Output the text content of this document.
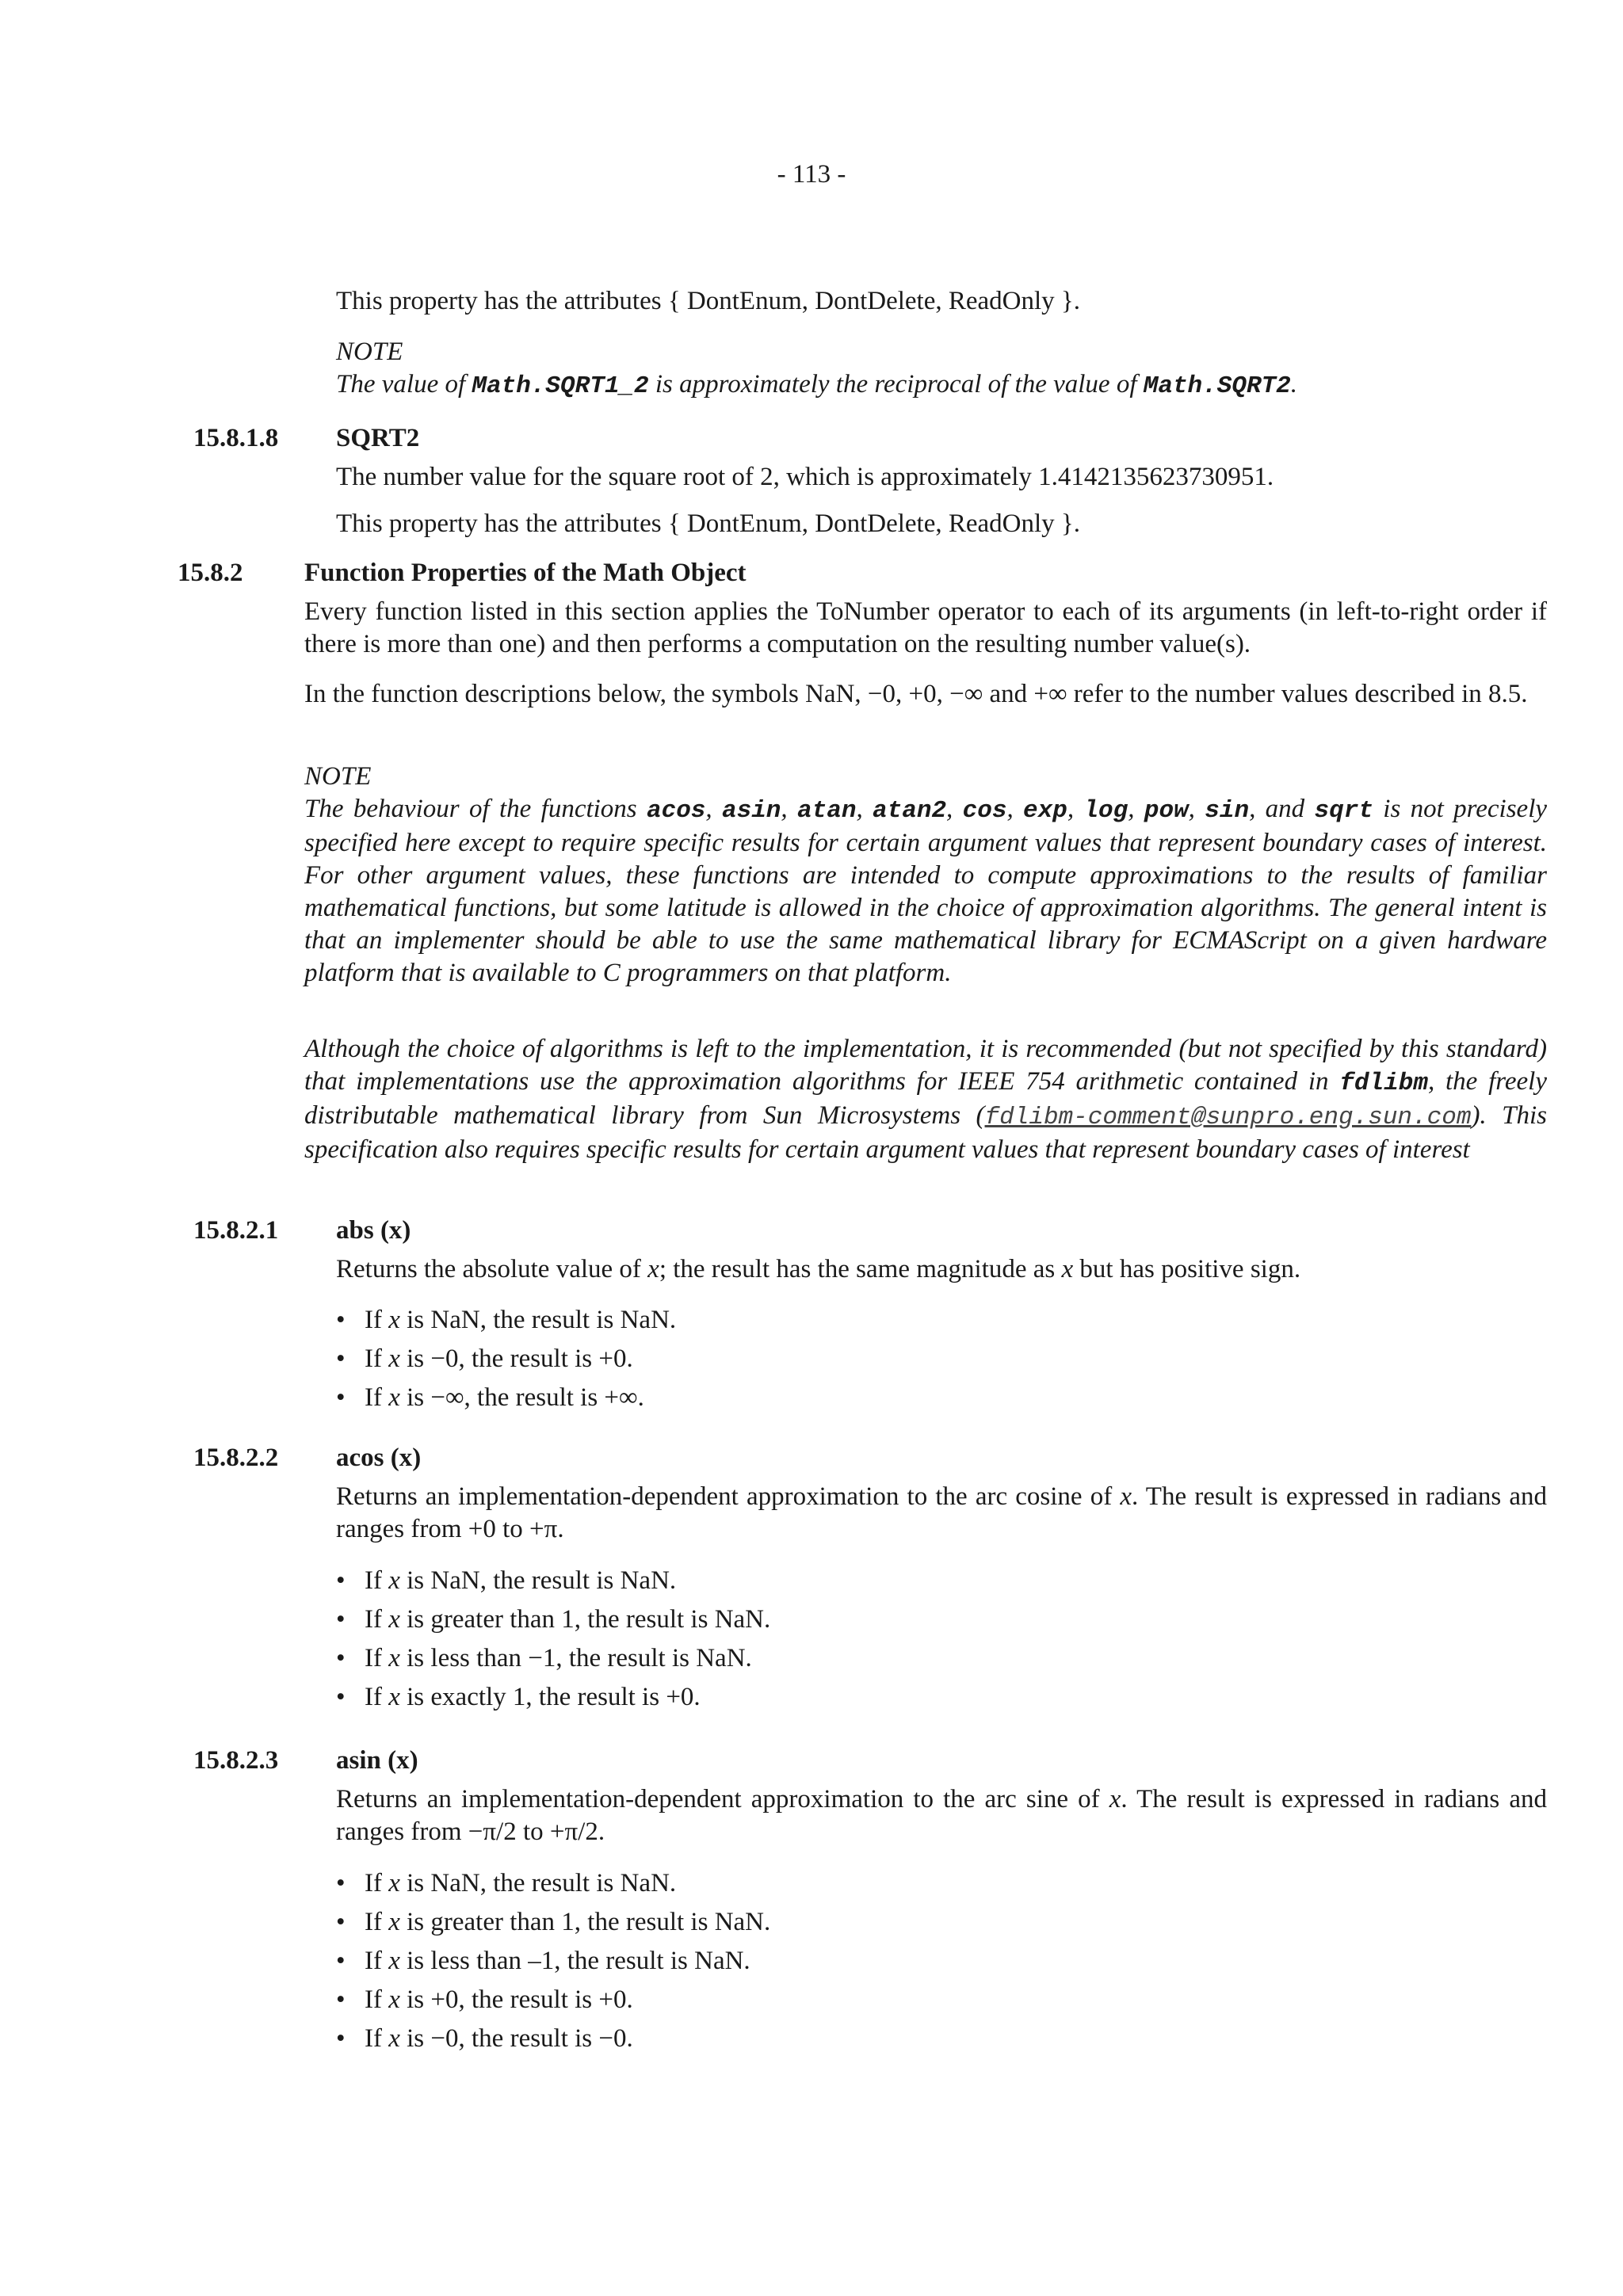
- 113 -
This property has the attributes { DontEnum, DontDelete, ReadOnly }.
NOTE
The value of Math.SQRT1_2 is approximately the reciprocal of the value of Math.SQRT2.
15.8.1.8 SQRT2
The number value for the square root of 2, which is approximately 1.4142135623730951.
This property has the attributes { DontEnum, DontDelete, ReadOnly }.
15.8.2 Function Properties of the Math Object
Every function listed in this section applies the ToNumber operator to each of its arguments (in left-to-right order if there is more than one) and then performs a computation on the resulting number value(s).
In the function descriptions below, the symbols NaN, −0, +0, −∞ and +∞ refer to the number values described in 8.5.
NOTE
The behaviour of the functions acos, asin, atan, atan2, cos, exp, log, pow, sin, and sqrt is not precisely specified here except to require specific results for certain argument values that represent boundary cases of interest. For other argument values, these functions are intended to compute approximations to the results of familiar mathematical functions, but some latitude is allowed in the choice of approximation algorithms. The general intent is that an implementer should be able to use the same mathematical library for ECMAScript on a given hardware platform that is available to C programmers on that platform.
Although the choice of algorithms is left to the implementation, it is recommended (but not specified by this standard) that implementations use the approximation algorithms for IEEE 754 arithmetic contained in fdlibm, the freely distributable mathematical library from Sun Microsystems (fdlibm-comment@sunpro.eng.sun.com). This specification also requires specific results for certain argument values that represent boundary cases of interest
15.8.2.1 abs (x)
Returns the absolute value of x; the result has the same magnitude as x but has positive sign.
• If x is NaN, the result is NaN.
• If x is −0, the result is +0.
• If x is −∞, the result is +∞.
15.8.2.2 acos (x)
Returns an implementation-dependent approximation to the arc cosine of x. The result is expressed in radians and ranges from +0 to +π.
• If x is NaN, the result is NaN.
• If x is greater than 1, the result is NaN.
• If x is less than −1, the result is NaN.
• If x is exactly 1, the result is +0.
15.8.2.3 asin (x)
Returns an implementation-dependent approximation to the arc sine of x. The result is expressed in radians and ranges from −π/2 to +π/2.
• If x is NaN, the result is NaN.
• If x is greater than 1, the result is NaN.
• If x is less than –1, the result is NaN.
• If x is +0, the result is +0.
• If x is −0, the result is −0.
